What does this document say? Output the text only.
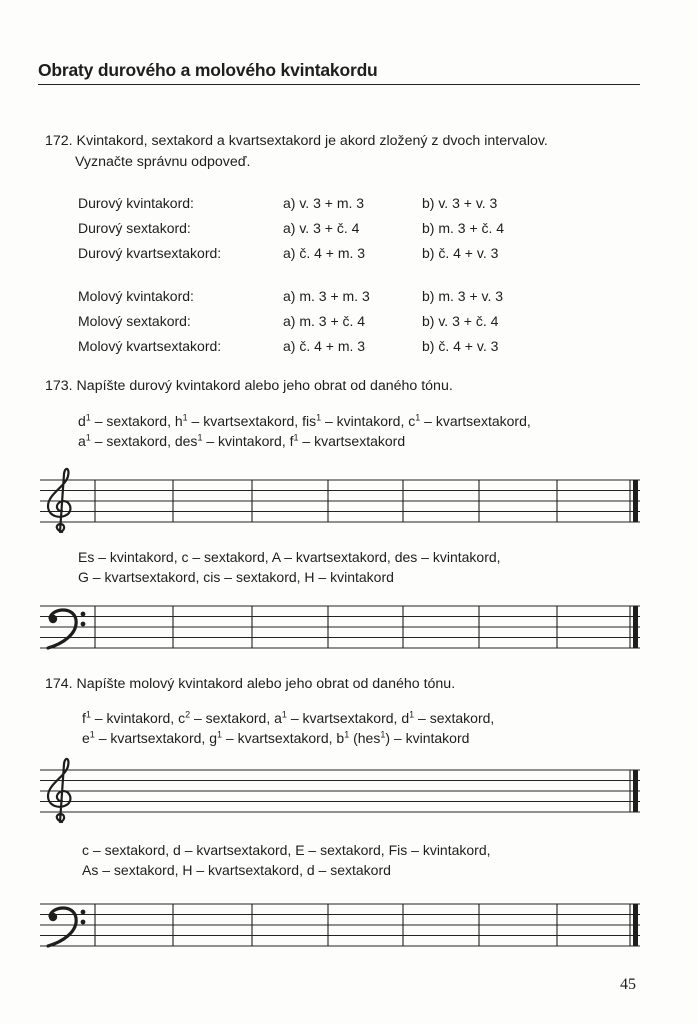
Obraty durového a molového kvintakordu
172. Kvintakord, sextakord a kvartsextakord je akord zložený z dvoch intervalov.
Vyznačte správnu odpoveď.
Durový kvintakord:	a) v. 3 + m. 3	b) v. 3 + v. 3
Durový sextakord:	a) v. 3 + č. 4	b) m. 3 + č. 4
Durový kvartsextakord:	a) č. 4 + m. 3	b) č. 4 + v. 3
Molový kvintakord:	a) m. 3 + m. 3	b) m. 3 + v. 3
Molový sextakord:	a) m. 3 + č. 4	b) v. 3 + č. 4
Molový kvartsextakord:	a) č. 4 + m. 3	b) č. 4 + v. 3
173. Napíšte durový kvintakord alebo jeho obrat od daného tónu.
$d^1$ – sextakord, $h^1$ – kvartsextakord, fis$^1$ – kvintakord, $c^1$ – kvartsextakord,
$a^1$ – sextakord, des$^1$ – kvintakord, $f^1$ – kvartsextakord
Es – kvintakord, c – sextakord, A – kvartsextakord, des – kvintakord,
G – kvartsextakord, cis – sextakord, H – kvintakord
174. Napíšte molový kvintakord alebo jeho obrat od daného tónu.
$f^1$ – kvintakord, $c^2$ – sextakord, $a^1$ – kvartsextakord, $d^1$ – sextakord,
$e^1$ – kvartsextakord, $g^1$ – kvartsextakord, $b^1$ (hes$^1$) – kvintakord
c – sextakord, d – kvartsextakord, E – sextakord, Fis – kvintakord,
As – sextakord, H – kvartsextakord, d – sextakord
45
